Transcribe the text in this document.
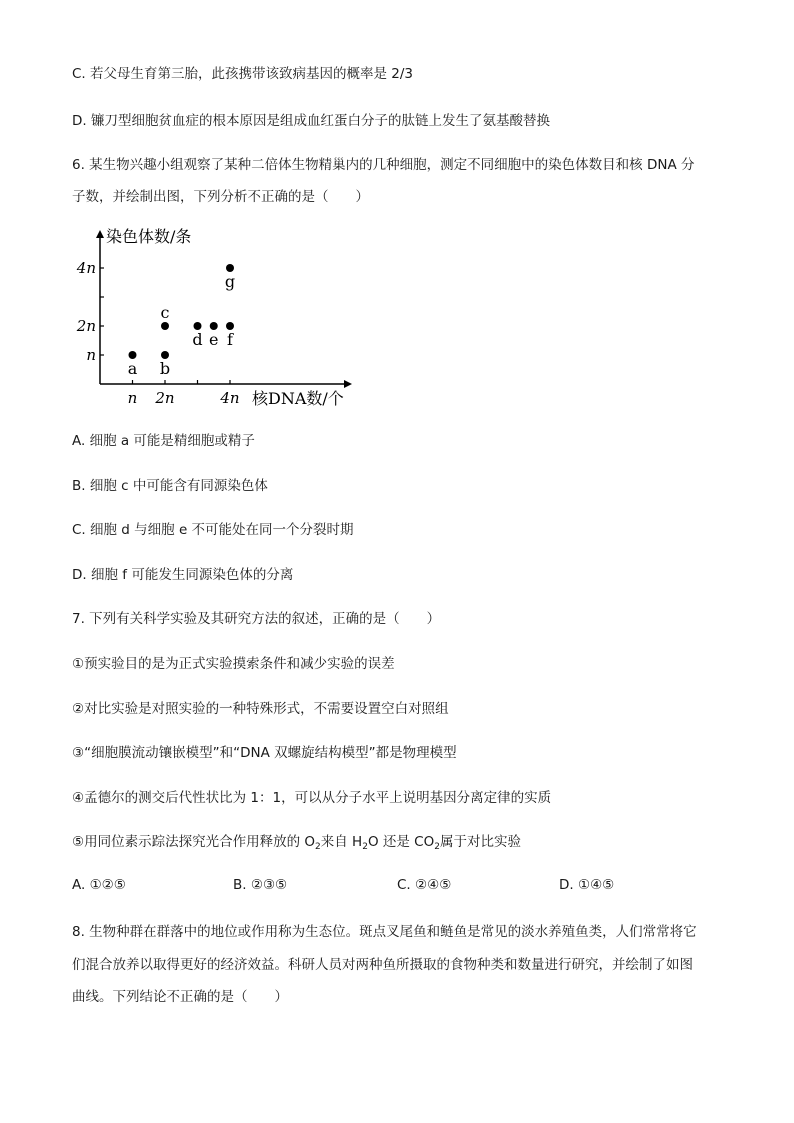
C. 若父母生育第三胎，此孩携带该致病基因的概率是 2/3
D. 镰刀型细胞贫血症的根本原因是组成血红蛋白分子的肽链上发生了氨基酸替换
6. 某生物兴趣小组观察了某种二倍体生物精巢内的几种细胞，测定不同细胞中的染色体数目和核 DNA 分
子数，并绘制出图，下列分析不正确的是（　　）
染色体数/条
核DNA数/个
n 2n	4n
n
2n
4n
a b
c
d e f
g
A. 细胞 a 可能是精细胞或精子
B. 细胞 c 中可能含有同源染色体
C. 细胞 d 与细胞 e 不可能处在同一个分裂时期
D. 细胞 f 可能发生同源染色体的分离
7. 下列有关科学实验及其研究方法的叙述，正确的是（　　）
①预实验目的是为正式实验摸索条件和减少实验的误差
②对比实验是对照实验的一种特殊形式，不需要设置空白对照组
③“细胞膜流动镶嵌模型”和“DNA 双螺旋结构模型”都是物理模型
④孟德尔的测交后代性状比为 1：1，可以从分子水平上说明基因分离定律的实质
⑤用同位素示踪法探究光合作用释放的 $O_2$来自 $H_2O$ 还是 $CO_2$属于对比实验
A. ①②⑤	B. ②③⑤	C. ②④⑤	D. ①④⑤
8. 生物种群在群落中的地位或作用称为生态位。斑点叉尾鱼和鲢鱼是常见的淡水养殖鱼类，人们常常将它
们混合放养以取得更好的经济效益。科研人员对两种鱼所摄取的食物种类和数量进行研究，并绘制了如图
曲线。下列结论不正确的是（　　）
